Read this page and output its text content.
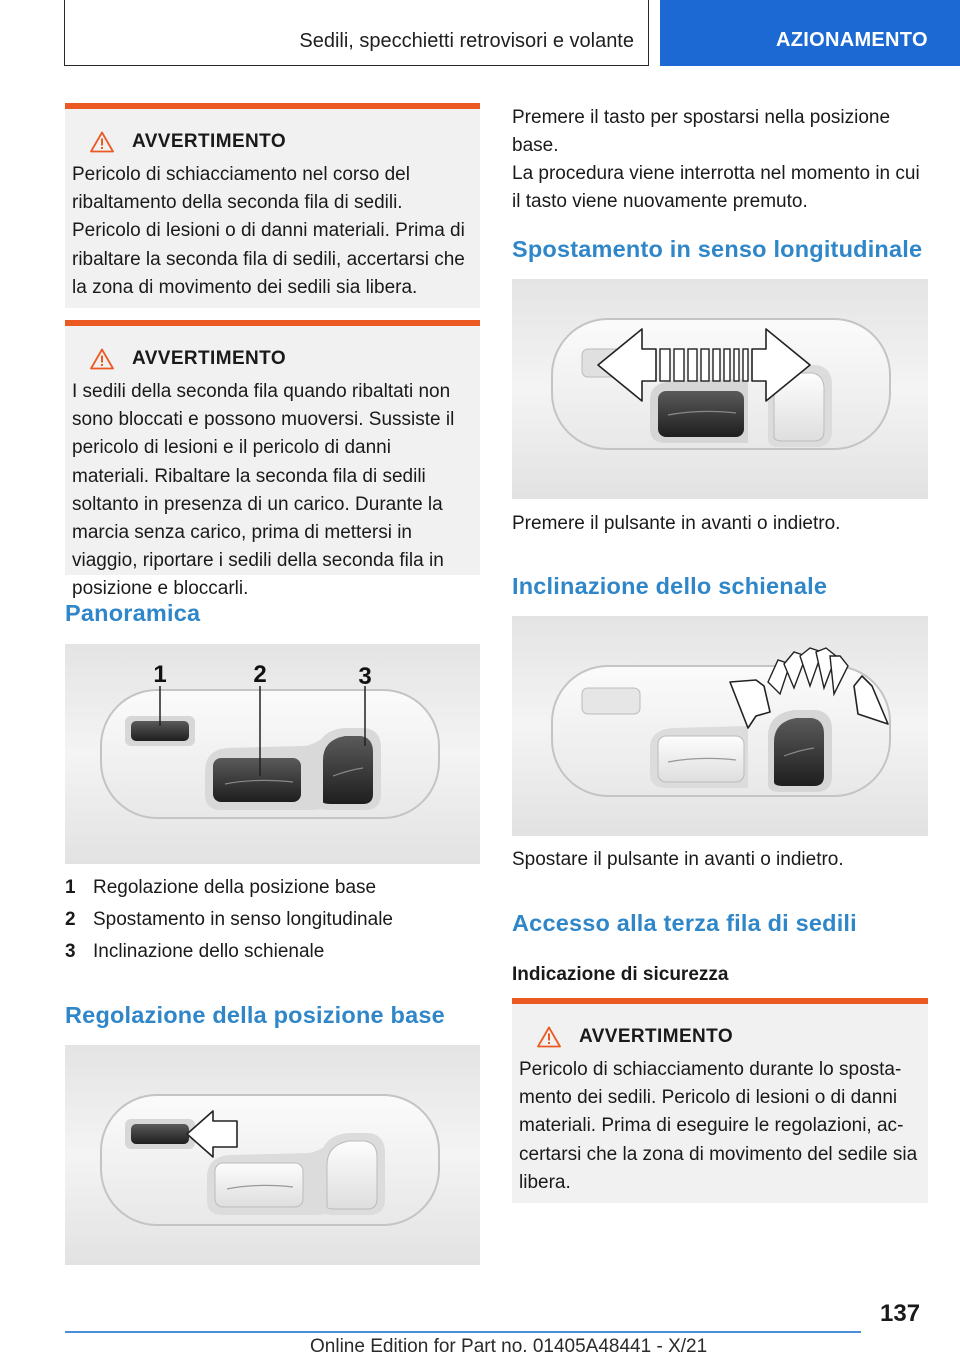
Sedili, specchietti retrovisori e volante	AZIONAMENTO
AVVERTIMENTO
Pericolo di schiacciamento nel corso del ribaltamento della seconda fila di sedili. Pericolo di lesioni o di danni materiali. Prima di ribaltare la seconda fila di sedili, accertarsi che la zona di movimento dei sedili sia libera.
AVVERTIMENTO
I sedili della seconda fila quando ribaltati non sono bloccati e possono muoversi. Sussiste il pericolo di lesioni e il pericolo di danni materiali. Ribaltare la seconda fila di sedili soltanto in presenza di un carico. Durante la marcia senza carico, prima di mettersi in viaggio, riportare i sedili della seconda fila in posizione e bloccarli.
Panoramica
1	2	3
1 Regolazione della posizione base
2 Spostamento in senso longitudinale
3 Inclinazione dello schienale
Regolazione della posizione base
Premere il tasto per spostarsi nella posizione base.
La procedura viene interrotta nel momento in cui il tasto viene nuovamente premuto.
Spostamento in senso longitudinale
Premere il pulsante in avanti o indietro.
Inclinazione dello schienale
Spostare il pulsante in avanti o indietro.
Accesso alla terza fila di sedili
Indicazione di sicurezza
AVVERTIMENTO
Pericolo di schiacciamento durante lo spostamento dei sedili. Pericolo di lesioni o di danni materiali. Prima di eseguire le regolazioni, accertarsi che la zona di movimento del sedile sia libera.
137
Online Edition for Part no. 01405A48441 - X/21
